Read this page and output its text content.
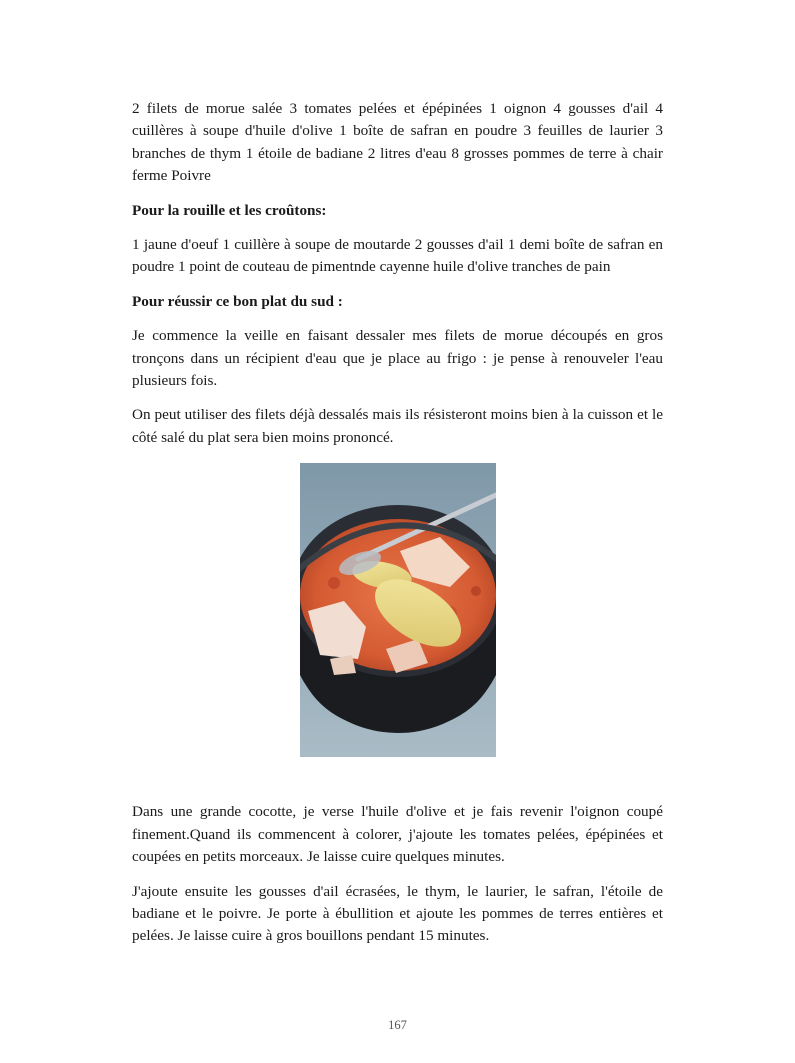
2 filets de morue salée 3 tomates pelées et épépinées 1 oignon 4 gousses d'ail 4 cuillères à soupe d'huile d'olive 1 boîte de safran en poudre 3 feuilles de laurier 3 branches de thym 1 étoile de badiane 2 litres d'eau 8 grosses pommes de terre à chair ferme Poivre

Pour la rouille et les croûtons:

1 jaune d'oeuf 1 cuillère à soupe de moutarde 2 gousses d'ail 1 demi boîte de safran en poudre 1 point de couteau de pimentnde cayenne huile d'olive tranches de pain

Pour réussir ce bon plat du sud :

Je commence la veille en faisant dessaler mes filets de morue découpés en gros tronçons dans un récipient d'eau que je place au frigo : je pense à renouveler l'eau plusieurs fois.

On peut utiliser des filets déjà dessalés mais ils résisteront moins bien à la cuisson et le côté salé du plat sera bien moins prononcé.

Dans une grande cocotte, je verse l'huile d'olive et je fais revenir l'oignon coupé finement.Quand ils commencent à colorer, j'ajoute les tomates pelées, épépinées et coupées en petits morceaux. Je laisse cuire quelques minutes.

J'ajoute ensuite les gousses d'ail écrasées, le thym, le laurier, le safran, l'étoile de badiane et le poivre. Je porte à ébullition et ajoute les pommes de terres entières et pelées. Je laisse cuire à gros bouillons pendant 15 minutes.

167
